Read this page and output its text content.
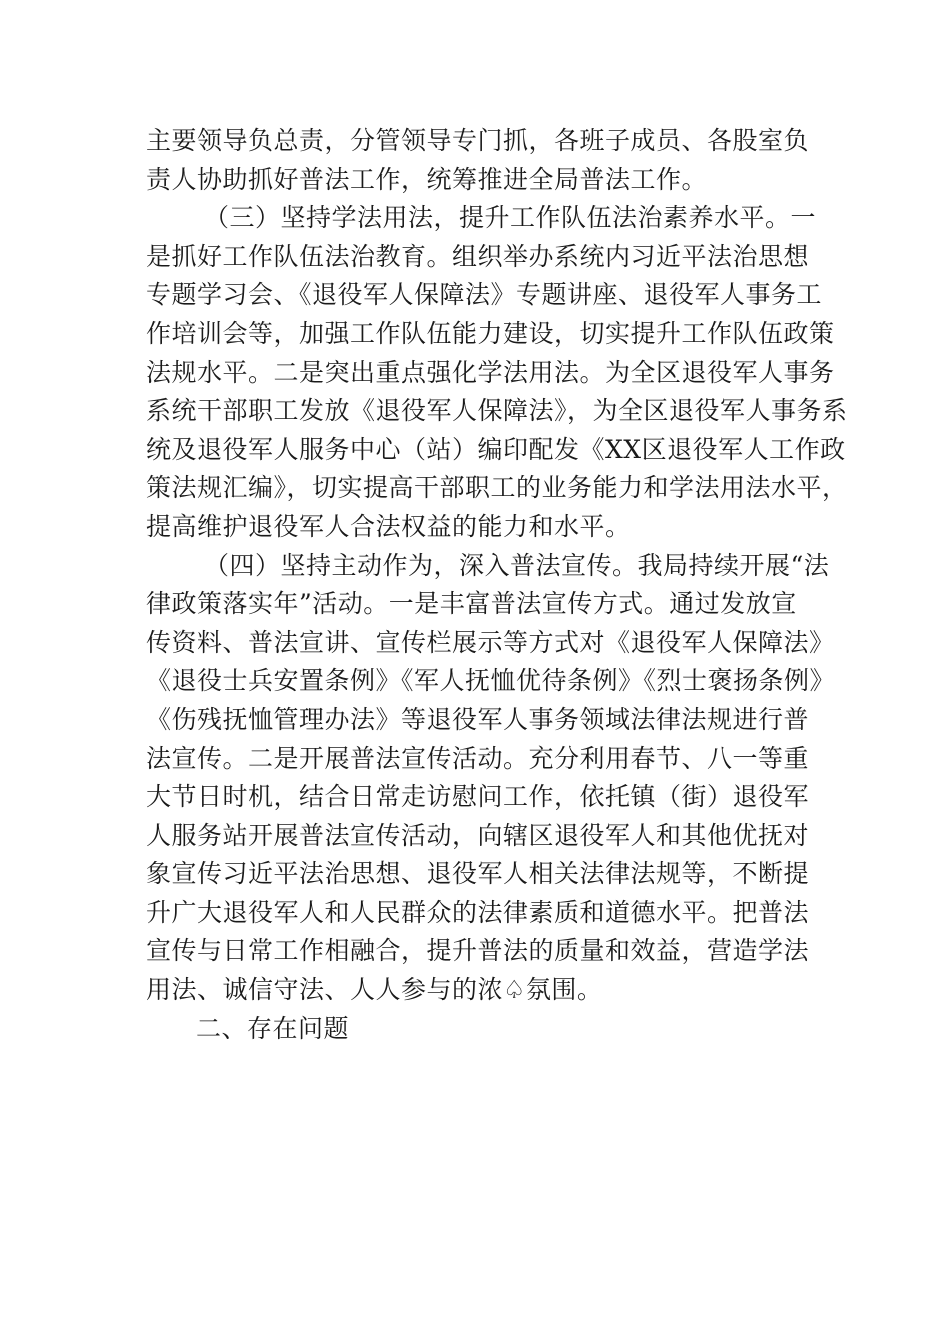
主要领导负总责，分管领导专门抓，各班子成员、各股室负
责人协助抓好普法工作，统筹推进全局普法工作。
（三）坚持学法用法，提升工作队伍法治素养水平。一
是抓好工作队伍法治教育。组织举办系统内习近平法治思想
专题学习会、《退役军人保障法》专题讲座、退役军人事务工
作培训会等，加强工作队伍能力建设，切实提升工作队伍政策
法规水平。二是突出重点强化学法用法。为全区退役军人事务
系统干部职工发放《退役军人保障法》，为全区退役军人事务系
统及退役军人服务中心（站）编印配发《XX区退役军人工作政
策法规汇编》，切实提高干部职工的业务能力和学法用法水平，
提高维护退役军人合法权益的能力和水平。
（四）坚持主动作为，深入普法宣传。我局持续开展“法
律政策落实年”活动。一是丰富普法宣传方式。通过发放宣
传资料、普法宣讲、宣传栏展示等方式对《退役军人保障法》
《退役士兵安置条例》《军人抚恤优待条例》《烈士褒扬条例》
《伤残抚恤管理办法》等退役军人事务领域法律法规进行普
法宣传。二是开展普法宣传活动。充分利用春节、八一等重
大节日时机，结合日常走访慰问工作，依托镇（街）退役军
人服务站开展普法宣传活动，向辖区退役军人和其他优抚对
象宣传习近平法治思想、退役军人相关法律法规等，不断提
升广大退役军人和人民群众的法律素质和道德水平。把普法
宣传与日常工作相融合，提升普法的质量和效益，营造学法
用法、诚信守法、人人参与的浓♤氛围。
二、存在问题
